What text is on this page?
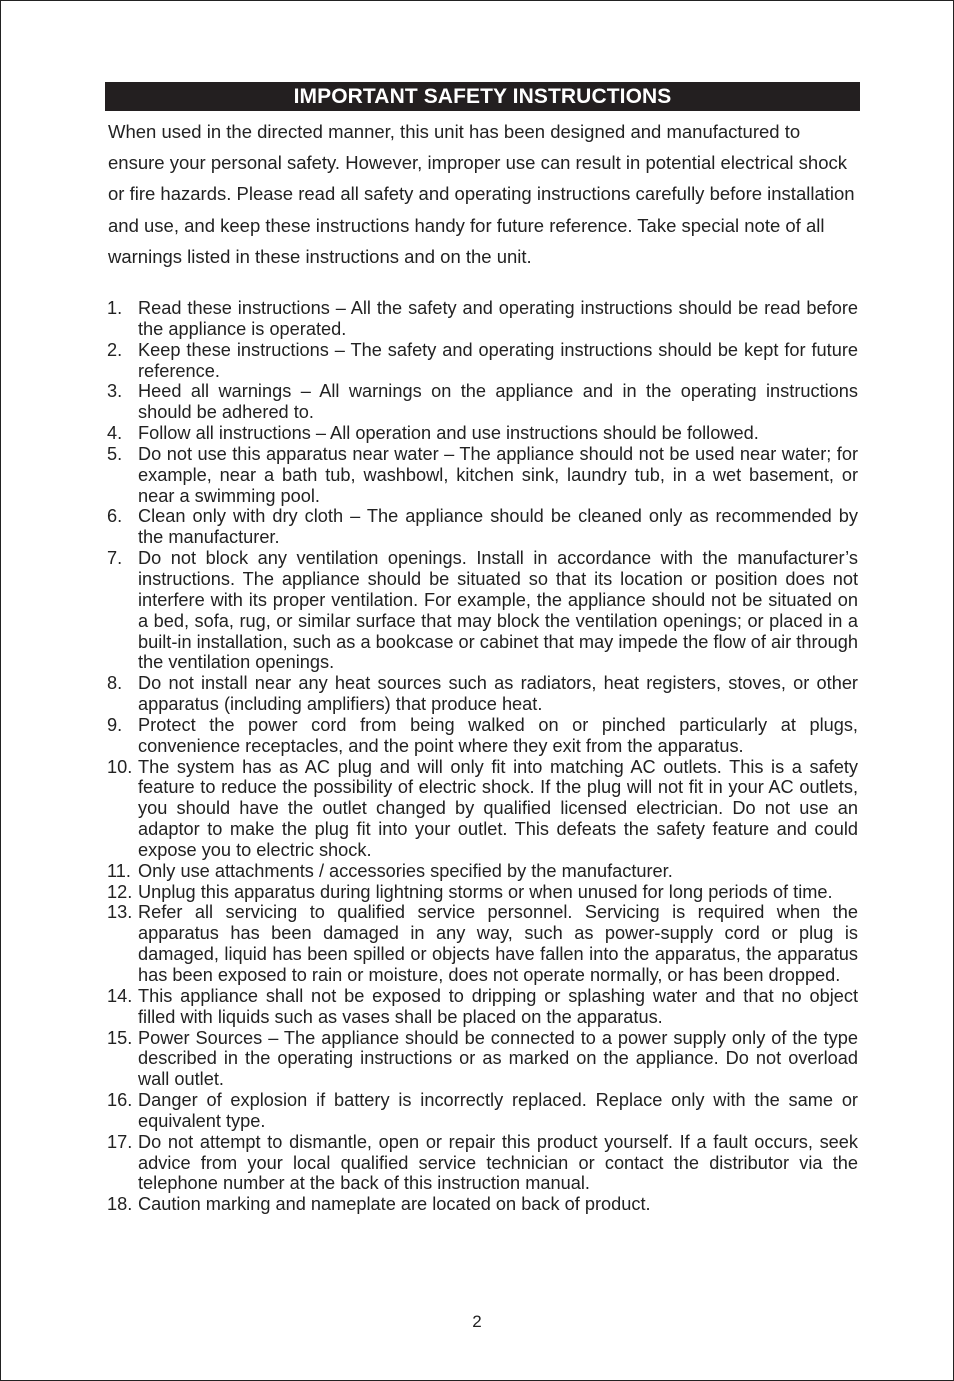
IMPORTANT SAFETY INSTRUCTIONS

When used in the directed manner, this unit has been designed and manufactured to ensure your personal safety. However, improper use can result in potential electrical shock or fire hazards. Please read all safety and operating instructions carefully before installation and use, and keep these instructions handy for future reference. Take special note of all warnings listed in these instructions and on the unit.

1. Read these instructions – All the safety and operating instructions should be read before the appliance is operated.
2. Keep these instructions – The safety and operating instructions should be kept for future reference.
3. Heed all warnings – All warnings on the appliance and in the operating instructions should be adhered to.
4. Follow all instructions – All operation and use instructions should be followed.
5. Do not use this apparatus near water – The appliance should not be used near water; for example, near a bath tub, washbowl, kitchen sink, laundry tub, in a wet basement, or near a swimming pool.
6. Clean only with dry cloth – The appliance should be cleaned only as recommended by the manufacturer.
7. Do not block any ventilation openings. Install in accordance with the manufacturer’s instructions. The appliance should be situated so that its location or position does not interfere with its proper ventilation. For example, the appliance should not be situated on a bed, sofa, rug, or similar surface that may block the ventilation openings; or placed in a built-in installation, such as a bookcase or cabinet that may impede the flow of air through the ventilation openings.
8. Do not install near any heat sources such as radiators, heat registers, stoves, or other apparatus (including amplifiers) that produce heat.
9. Protect the power cord from being walked on or pinched particularly at plugs, convenience receptacles, and the point where they exit from the apparatus.
10. The system has as AC plug and will only fit into matching AC outlets. This is a safety feature to reduce the possibility of electric shock. If the plug will not fit in your AC outlets, you should have the outlet changed by qualified licensed electrician. Do not use an adaptor to make the plug fit into your outlet. This defeats the safety feature and could expose you to electric shock.
11. Only use attachments / accessories specified by the manufacturer.
12. Unplug this apparatus during lightning storms or when unused for long periods of time.
13. Refer all servicing to qualified service personnel. Servicing is required when the apparatus has been damaged in any way, such as power-supply cord or plug is damaged, liquid has been spilled or objects have fallen into the apparatus, the apparatus has been exposed to rain or moisture, does not operate normally, or has been dropped.
14. This appliance shall not be exposed to dripping or splashing water and that no object filled with liquids such as vases shall be placed on the apparatus.
15. Power Sources – The appliance should be connected to a power supply only of the type described in the operating instructions or as marked on the appliance. Do not overload wall outlet.
16. Danger of explosion if battery is incorrectly replaced. Replace only with the same or equivalent type.
17. Do not attempt to dismantle, open or repair this product yourself. If a fault occurs, seek advice from your local qualified service technician or contact the distributor via the telephone number at the back of this instruction manual.
18. Caution marking and nameplate are located on back of product.
2
